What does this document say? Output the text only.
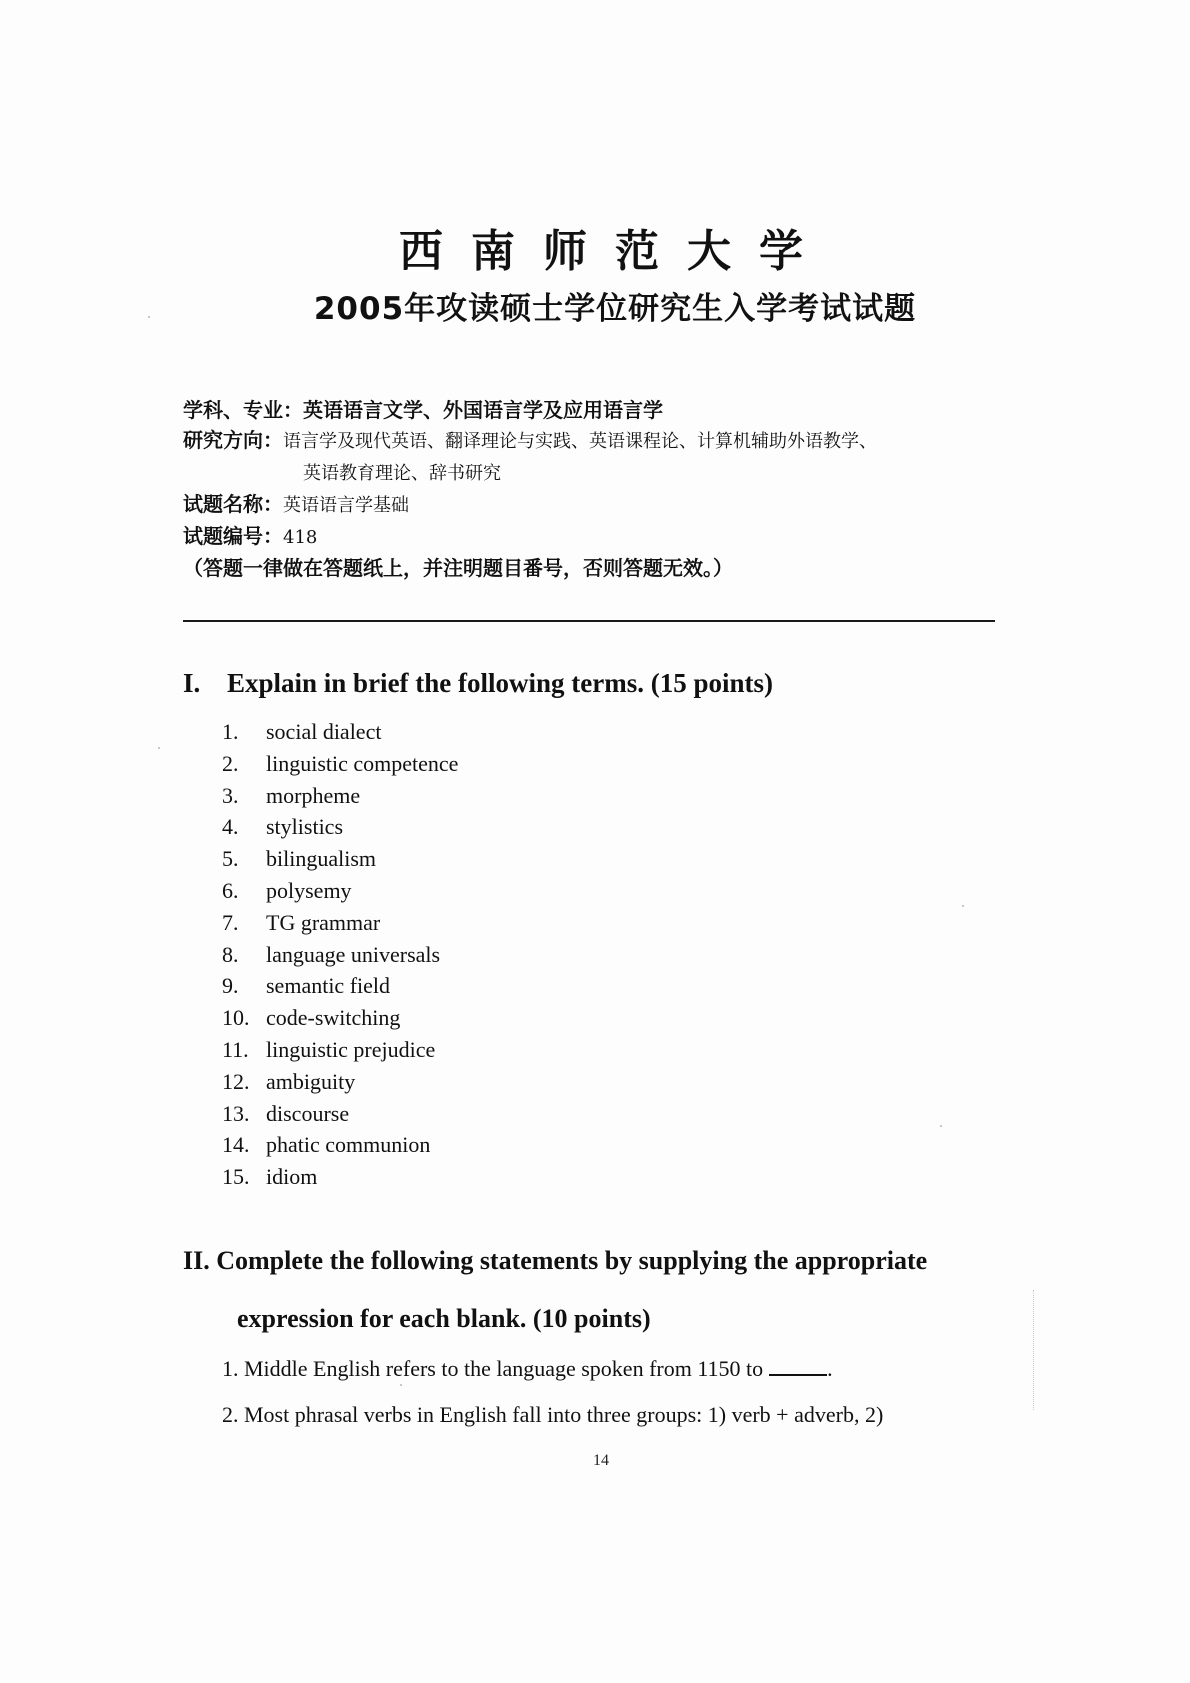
西南师范大学
2005年攻读硕士学位研究生入学考试试题
学科、专业：英语语言文学、外国语言学及应用语言学
研究方向：语言学及现代英语、翻译理论与实践、英语课程论、计算机辅助外语教学、
英语教育理论、辞书研究
试题名称：英语语言学基础
试题编号：418
（答题一律做在答题纸上，并注明题目番号，否则答题无效。）
I. Explain in brief the following terms. (15 points)
1. social dialect
2. linguistic competence
3. morpheme
4. stylistics
5. bilingualism
6. polysemy
7. TG grammar
8. language universals
9. semantic field
10. code-switching
11. linguistic prejudice
12. ambiguity
13. discourse
14. phatic communion
15. idiom
II. Complete the following statements by supplying the appropriate
expression for each blank. (10 points)
1. Middle English refers to the language spoken from 1150 to	.
2. Most phrasal verbs in English fall into three groups: 1) verb + adverb, 2)
14
